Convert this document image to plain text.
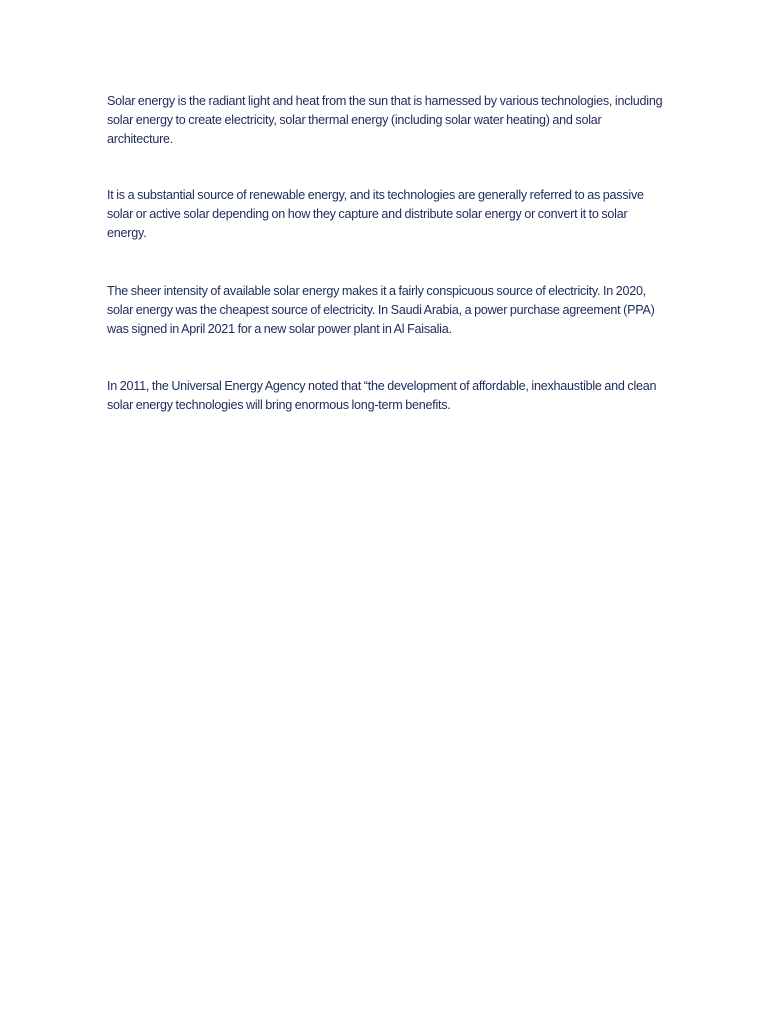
Solar energy is the radiant light and heat from the sun that is harnessed by various technologies, including solar energy to create electricity, solar thermal energy (including solar water heating) and solar architecture.

It is a substantial source of renewable energy, and its technologies are generally referred to as passive solar or active solar depending on how they capture and distribute solar energy or convert it to solar energy.

The sheer intensity of available solar energy makes it a fairly conspicuous source of electricity. In 2020, solar energy was the cheapest source of electricity. In Saudi Arabia, a power purchase agreement (PPA) was signed in April 2021 for a new solar power plant in Al Faisalia.

In 2011, the Universal Energy Agency noted that “the development of affordable, inexhaustible and clean solar energy technologies will bring enormous long-term benefits.
